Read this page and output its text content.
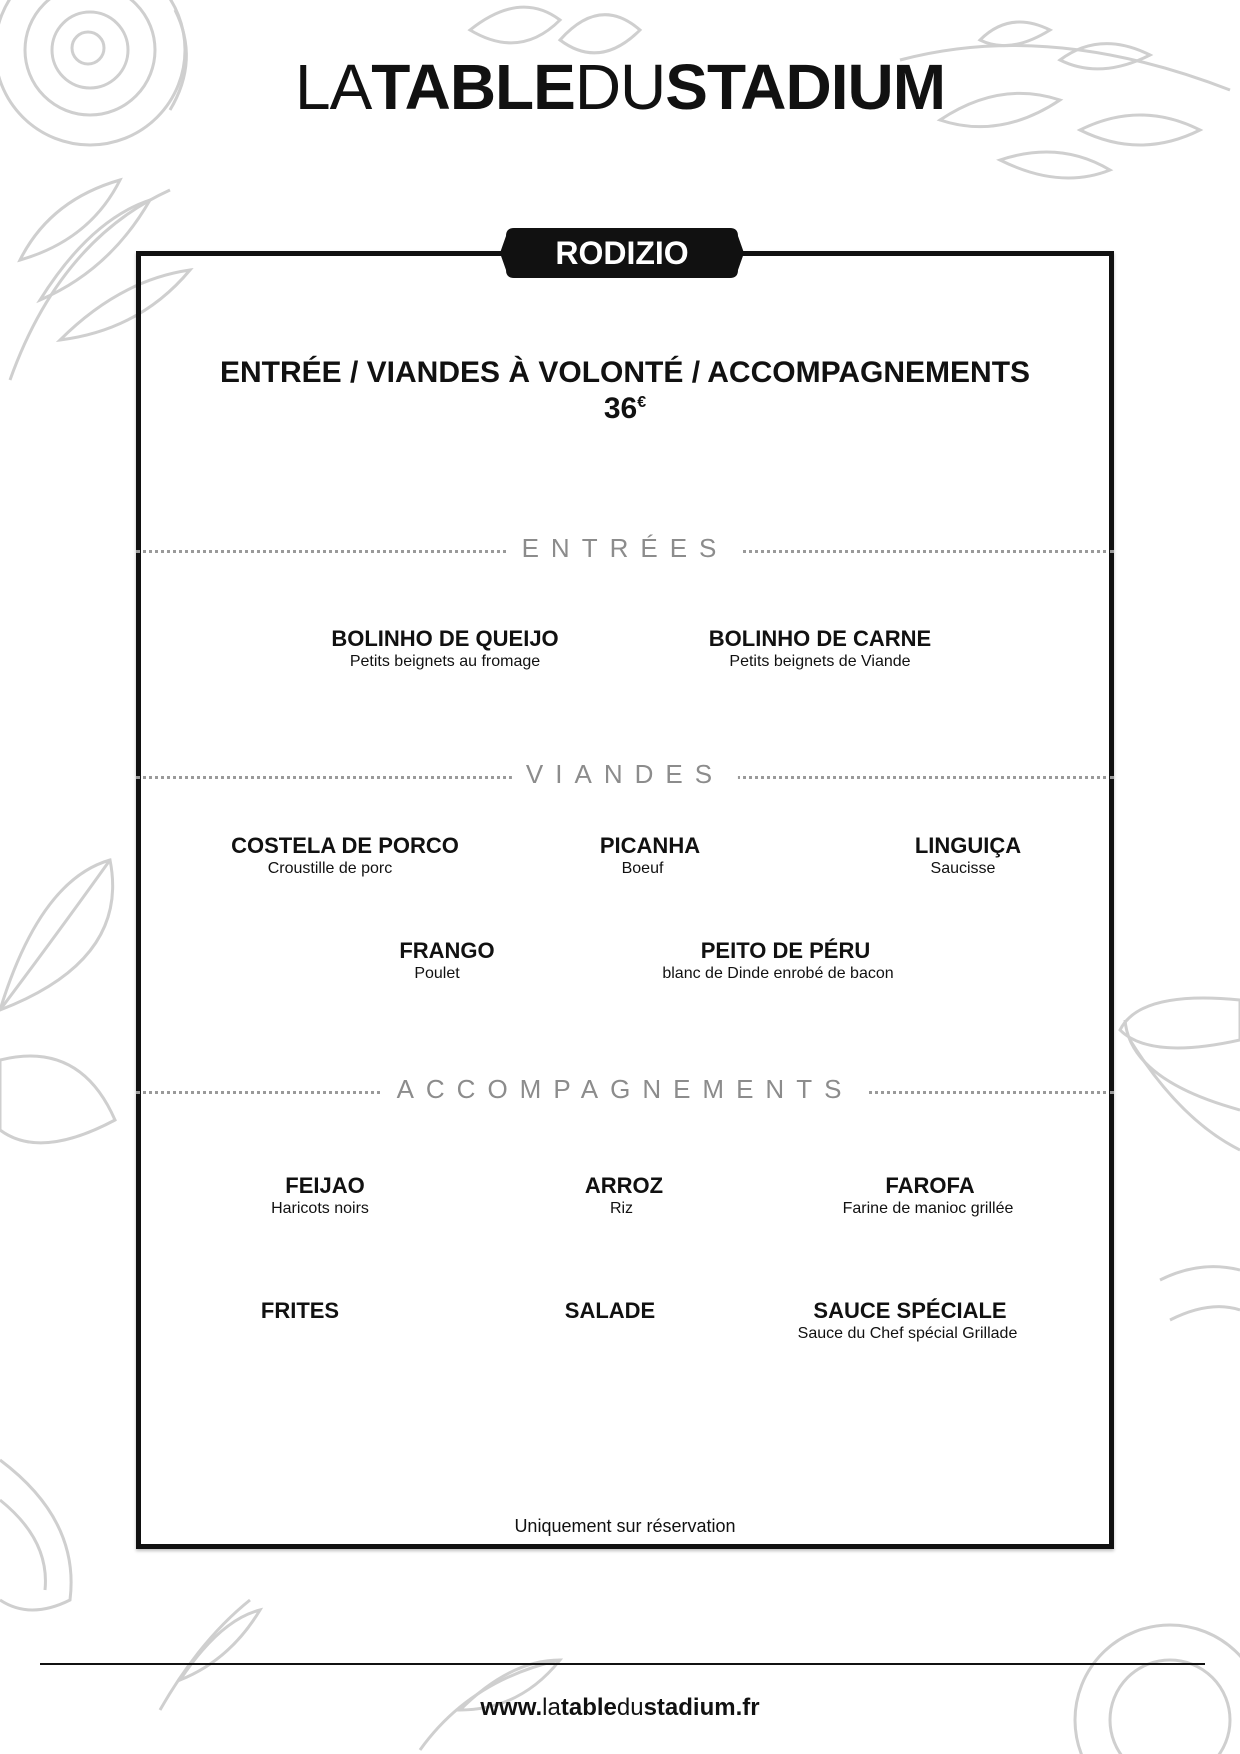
LATABLEDUSTADIUM
RODIZIO
ENTRÉE / VIANDES À VOLONTÉ / ACCOMPAGNEMENTS
36€
ENTRÉES
BOLINHO DE QUEIJO
Petits beignets au fromage
BOLINHO DE CARNE
Petits beignets de Viande
VIANDES
COSTELA DE PORCO
Croustille de porc
PICANHA
Boeuf
LINGUIÇA
Saucisse
FRANGO
Poulet
PEITO DE PÉRU
blanc de Dinde enrobé de bacon
ACCOMPAGNEMENTS
FEIJAO
Haricots noirs
ARROZ
Riz
FAROFA
Farine de manioc grillée
FRITES	SALADE	SAUCE SPÉCIALE
Sauce du Chef spécial Grillade
Uniquement sur réservation
www.latabledustadium.fr
